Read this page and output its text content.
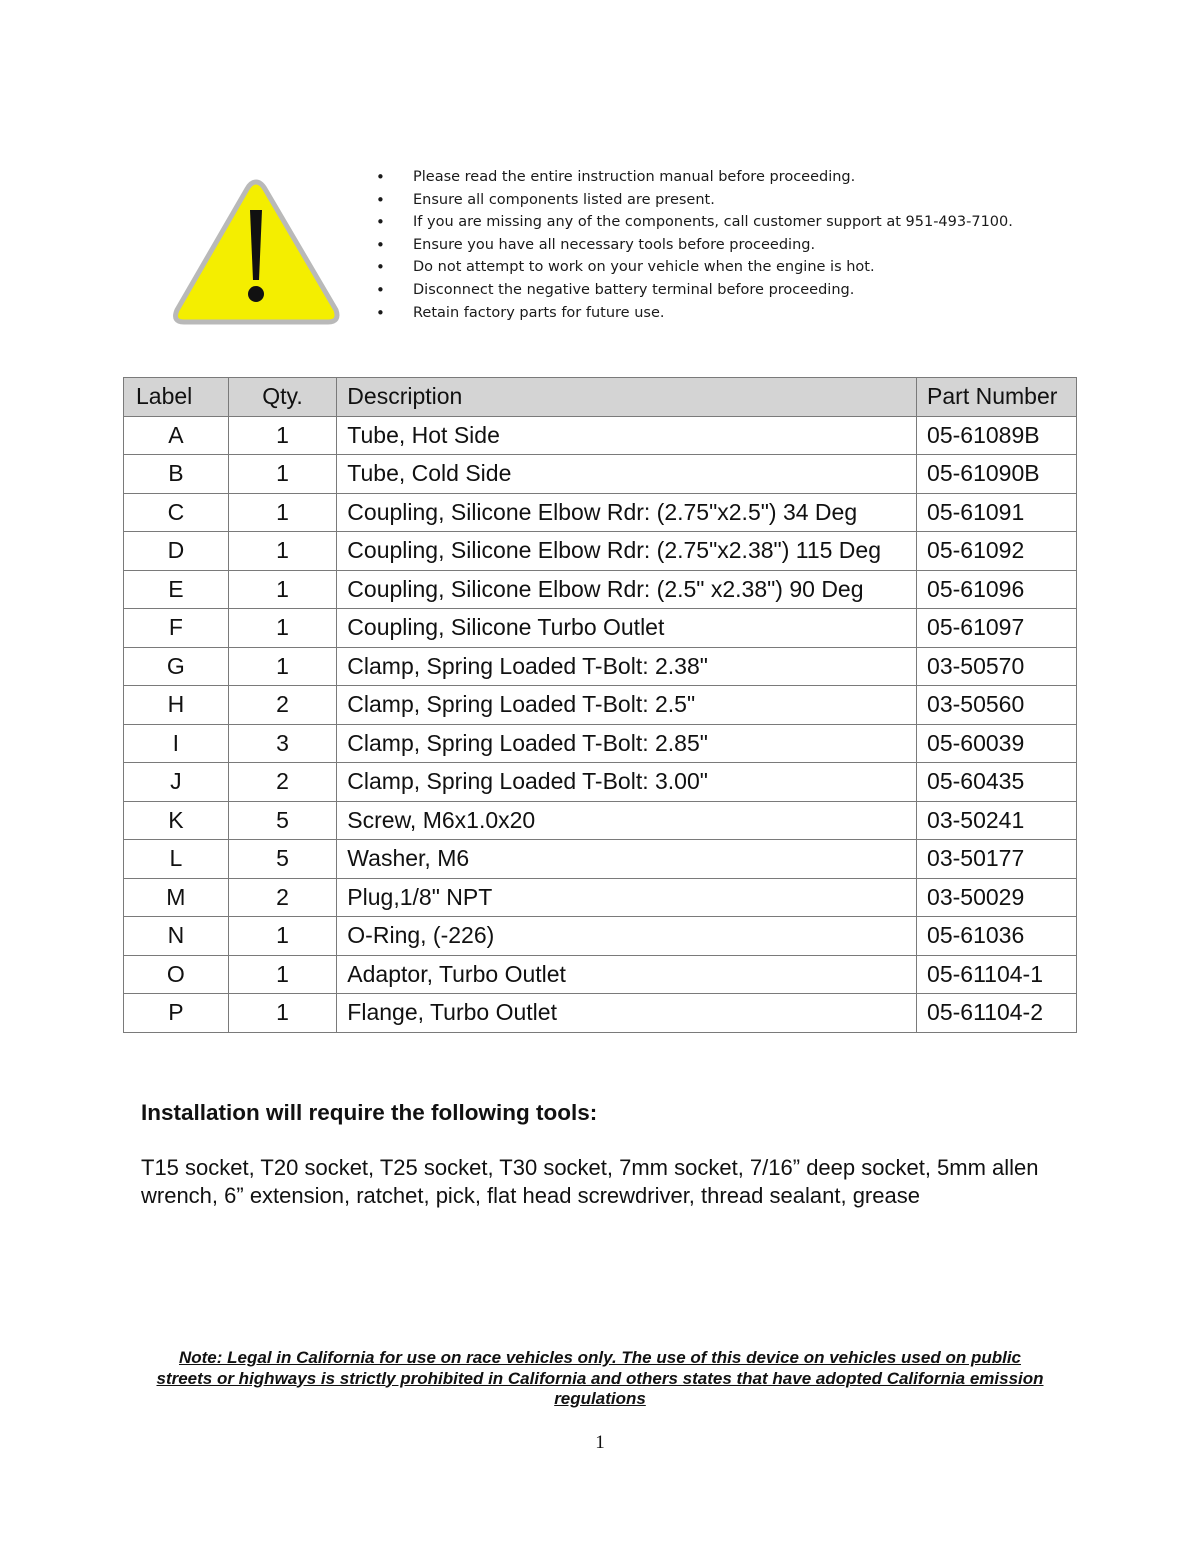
• Please read the entire instruction manual before proceeding.
• Ensure all components listed are present.
• If you are missing any of the components, call customer support at 951-493-7100.
• Ensure you have all necessary tools before proceeding.
• Do not attempt to work on your vehicle when the engine is hot.
• Disconnect the negative battery terminal before proceeding.
• Retain factory parts for future use.
Label	Qty.	Description	Part Number
A	1	Tube, Hot Side	05-61089B
B	1	Tube, Cold Side	05-61090B
C	1	Coupling, Silicone Elbow Rdr: (2.75"x2.5") 34 Deg	05-61091
D	1	Coupling, Silicone Elbow Rdr: (2.75"x2.38") 115 Deg	05-61092
E	1	Coupling, Silicone Elbow Rdr: (2.5" x2.38") 90 Deg	05-61096
F	1	Coupling, Silicone Turbo Outlet	05-61097
G	1	Clamp, Spring Loaded T-Bolt: 2.38"	03-50570
H	2	Clamp, Spring Loaded T-Bolt: 2.5"	03-50560
I	3	Clamp, Spring Loaded T-Bolt: 2.85"	05-60039
J	2	Clamp, Spring Loaded T-Bolt: 3.00"	05-60435
K	5	Screw, M6x1.0x20	03-50241
L	5	Washer, M6	03-50177
M	2	Plug,1/8" NPT	03-50029
N	1	O-Ring, (-226)	05-61036
O	1	Adaptor, Turbo Outlet	05-61104-1
P	1	Flange, Turbo Outlet	05-61104-2
Installation will require the following tools:

T15 socket, T20 socket, T25 socket, T30 socket, 7mm socket, 7/16” deep socket, 5mm allen wrench, 6” extension, ratchet, pick, flat head screwdriver, thread sealant, grease

Note: Legal in California for use on race vehicles only. The use of this device on vehicles used on public streets or highways is strictly prohibited in California and others states that have adopted California emission regulations

1
